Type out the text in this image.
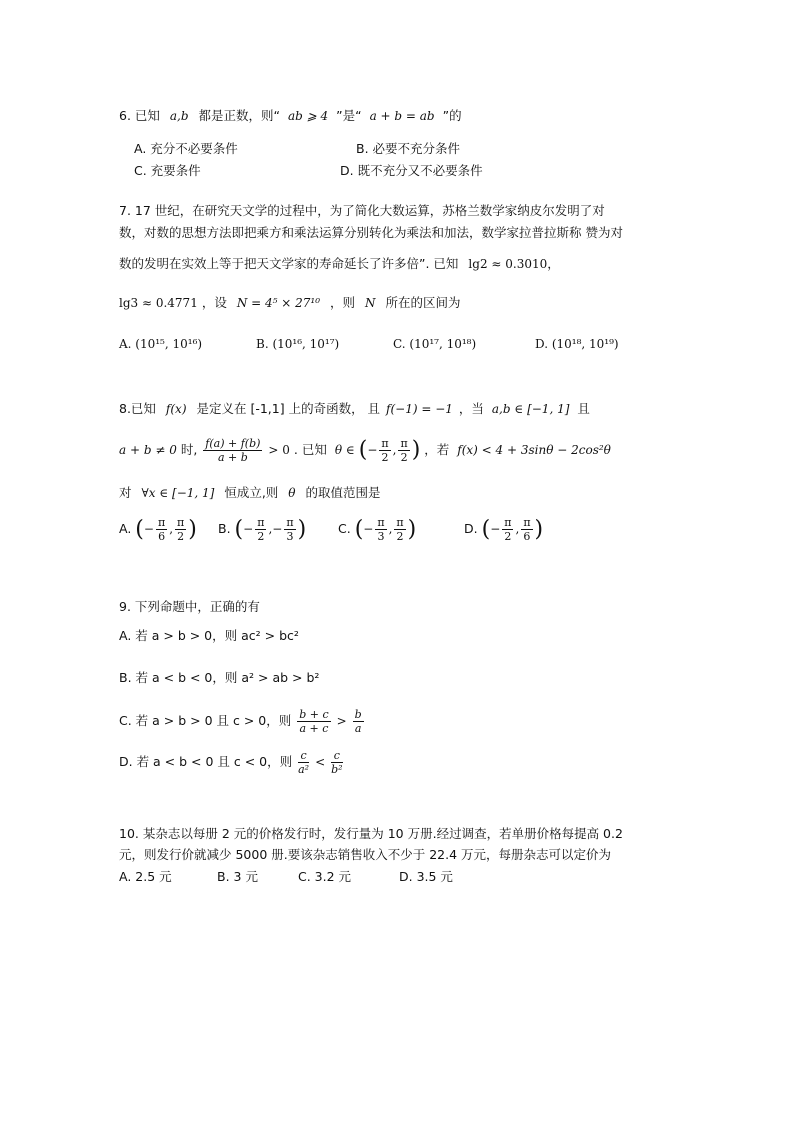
6. 已知 a,b 都是正数，则“ ab ⩾ 4 ”是“ a + b = ab ”的
A. 充分不必要条件	B. 必要不充分条件
C. 充要条件	D. 既不充分又不必要条件
7. 17 世纪，在研究天文学的过程中，为了简化大数运算，苏格兰数学家纳皮尔发明了对
数，对数的思想方法即把乘方和乘法运算分别转化为乘法和加法，数学家拉普拉斯称 赞为对
数的发明在实效上等于把天文学家的寿命延长了许多倍”. 已知 lg2 ≈ 0.3010，
lg3 ≈ 0.4771 ，设 N = 4⁵ × 27¹⁰ ，则 N 所在的区间为
A. (10¹⁵, 10¹⁶)	B. (10¹⁶, 10¹⁷)	C. (10¹⁷, 10¹⁸)	D. (10¹⁸, 10¹⁹)
8.已知 f(x) 是定义在 [-1,1] 上的奇函数， 且 f(−1) = −1 ，当 a,b ∈ [−1, 1] 且
a + b ≠ 0 时, $\frac{f(a) + f(b)}{a + b} > 0$ . 已知 θ ∈ (− $\frac{\pi}{2}$ , $\frac{\pi}{2}$ ) ，若 f(x) < 4 + 3sinθ − 2cos²θ
对 ∀x ∈ [−1, 1] 恒成立,则 θ 的取值范围是
A. (− $\frac{\pi}{6}$ , $\frac{\pi}{2}$ ) B. (− $\frac{\pi}{2}$ ,− $\frac{\pi}{3}$ )	C. (− $\frac{\pi}{3}$ , $\frac{\pi}{2}$ )	D. (− $\frac{\pi}{2}$ , $\frac{\pi}{6}$ )
9. 下列命题中，正确的有
A. 若 a > b > 0，则 ac² > bc²
B. 若 a < b < 0，则 a² > ab > b²
C. 若 a > b > 0 且 c > 0，则 $\frac{b + c}{a + c} > \frac{b}{a}$
D. 若 a < b < 0 且 c < 0，则 $\frac{c}{\text{a²}} < \frac{c}{\text{b²}}$
10. 某杂志以每册 2 元的价格发行时，发行量为 10 万册.经过调查，若单册价格每提高 0.2
元，则发行价就减少 5000 册.要该杂志销售收入不少于 22.4 万元，每册杂志可以定价为
A. 2.5 元	B. 3 元	C. 3.2 元	D. 3.5 元
